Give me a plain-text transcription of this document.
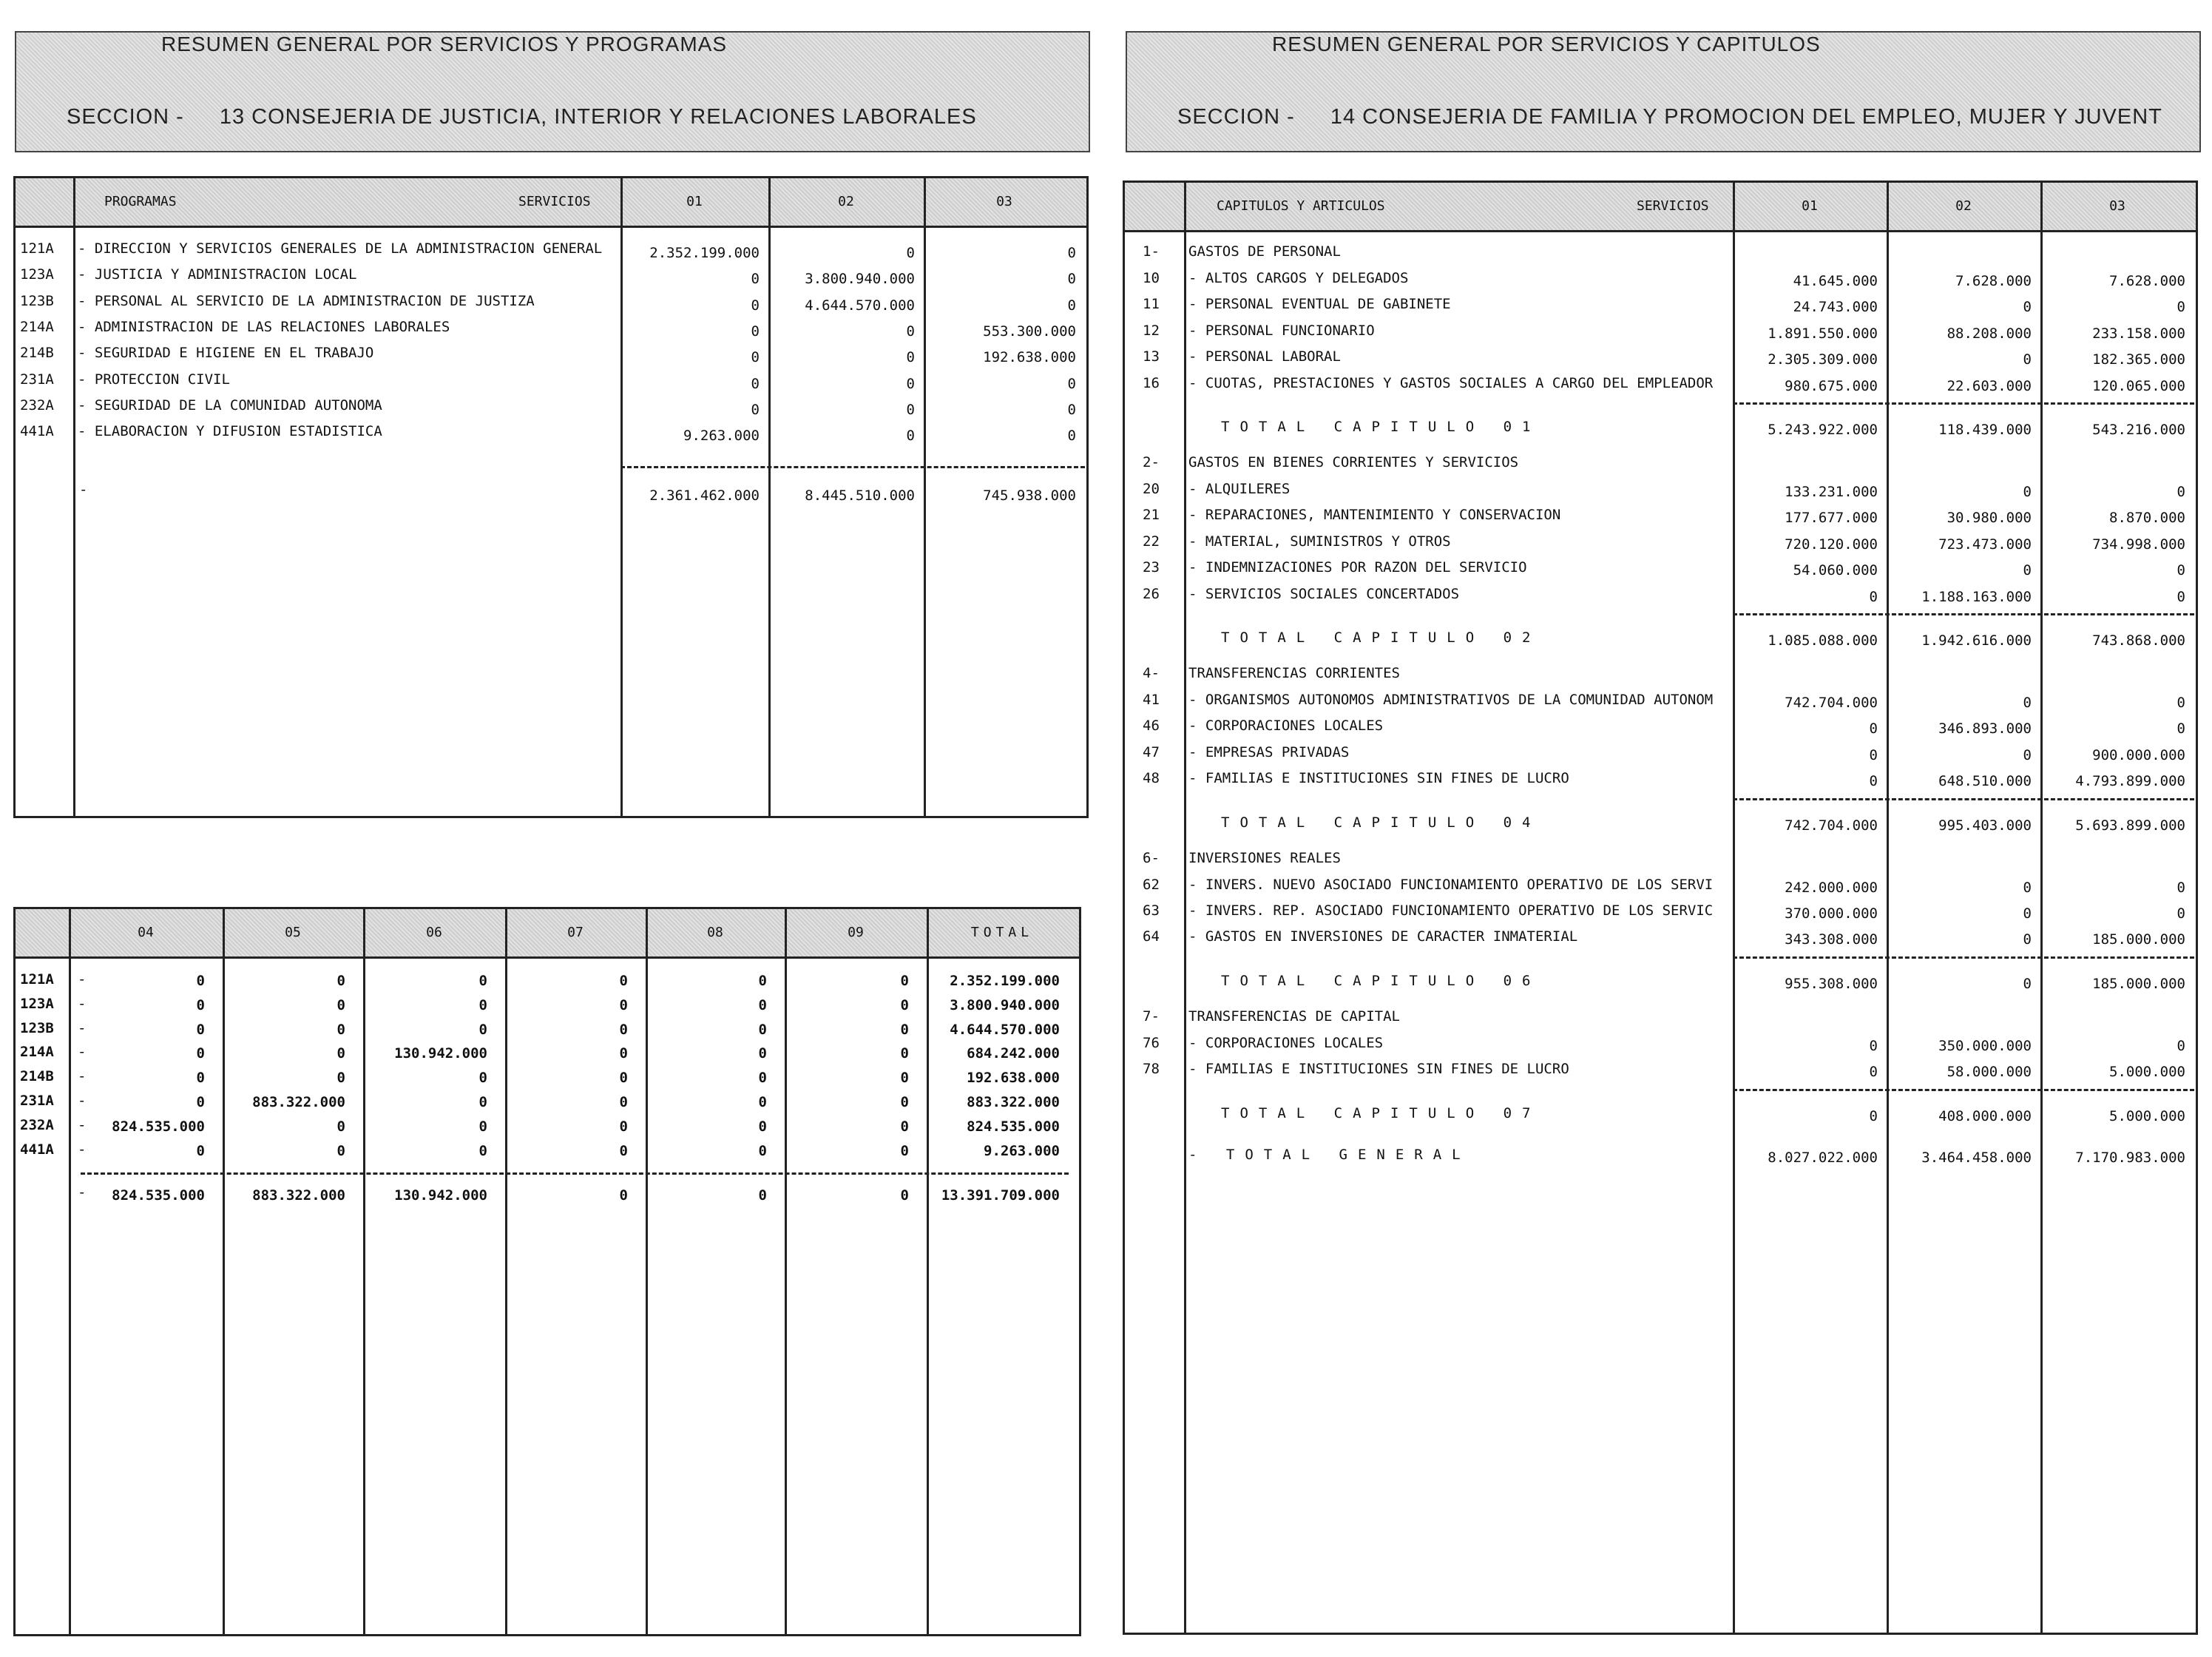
RESUMEN GENERAL POR SERVICIOS Y PROGRAMAS
SECCION - 13 CONSEJERIA DE JUSTICIA, INTERIOR Y RELACIONES LABORALES
RESUMEN GENERAL POR SERVICIOS Y CAPITULOS
SECCION - 14 CONSEJERIA DE FAMILIA Y PROMOCION DEL EMPLEO, MUJER Y JUVENT
PROGRAMAS	SERVICIOS	01	02	03
121A - DIRECCION Y SERVICIOS GENERALES DE LA ADMINISTRACION GENERAL	2.352.199.000	0	0
123A - JUSTICIA Y ADMINISTRACION LOCAL	0	3.800.940.000	0
123B - PERSONAL AL SERVICIO DE LA ADMINISTRACION DE JUSTIZA	0	4.644.570.000	0
214A - ADMINISTRACION DE LAS RELACIONES LABORALES	0	0	553.300.000
214B - SEGURIDAD E HIGIENE EN EL TRABAJO	0	0	192.638.000
231A - PROTECCION CIVIL	0	0	0
232A - SEGURIDAD DE LA COMUNIDAD AUTONOMA	0	0	0
441A - ELABORACION Y DIFUSION ESTADISTICA	9.263.000	0	0
-	2.361.462.000	8.445.510.000	745.938.000
04	05	06	07	08	09	TOTAL
121A -	0	0	0	0	0	0	2.352.199.000
123A -	0	0	0	0	0	0	3.800.940.000
123B -	0	0	0	0	0	0	4.644.570.000
214A -	0	0	130.942.000	0	0	0	684.242.000
214B -	0	0	0	0	0	0	192.638.000
231A -	0	883.322.000	0	0	0	0	883.322.000
232A -	824.535.000	0	0	0	0	0	824.535.000
441A -	0	0	0	0	0	0	9.263.000
-	824.535.000	883.322.000	130.942.000	0	0	0	13.391.709.000
CAPITULOS Y ARTICULOS	SERVICIOS	01	02	03
1- GASTOS DE PERSONAL
10 - ALTOS CARGOS Y DELEGADOS	41.645.000	7.628.000	7.628.000
11 - PERSONAL EVENTUAL DE GABINETE	24.743.000	0	0
12 - PERSONAL FUNCIONARIO	1.891.550.000	88.208.000	233.158.000
13 - PERSONAL LABORAL	2.305.309.000	0	182.365.000
16 - CUOTAS, PRESTACIONES Y GASTOS SOCIALES A CARGO DEL EMPLEADOR	980.675.000	22.603.000	120.065.000
TOTAL CAPITULO 01	5.243.922.000	118.439.000	543.216.000
2- GASTOS EN BIENES CORRIENTES Y SERVICIOS
20 - ALQUILERES	133.231.000	0	0
21 - REPARACIONES, MANTENIMIENTO Y CONSERVACION	177.677.000	30.980.000	8.870.000
22 - MATERIAL, SUMINISTROS Y OTROS	720.120.000	723.473.000	734.998.000
23 - INDEMNIZACIONES POR RAZON DEL SERVICIO	54.060.000	0	0
26 - SERVICIOS SOCIALES CONCERTADOS	0	1.188.163.000	0
TOTAL CAPITULO 02	1.085.088.000	1.942.616.000	743.868.000
4- TRANSFERENCIAS CORRIENTES
41 - ORGANISMOS AUTONOMOS ADMINISTRATIVOS DE LA COMUNIDAD AUTONOM	742.704.000	0	0
46 - CORPORACIONES LOCALES	0	346.893.000	0
47 - EMPRESAS PRIVADAS	0	0	900.000.000
48 - FAMILIAS E INSTITUCIONES SIN FINES DE LUCRO	0	648.510.000	4.793.899.000
TOTAL CAPITULO 04	742.704.000	995.403.000	5.693.899.000
6- INVERSIONES REALES
62 - INVERS. NUEVO ASOCIADO FUNCIONAMIENTO OPERATIVO DE LOS SERVI	242.000.000	0	0
63 - INVERS. REP. ASOCIADO FUNCIONAMIENTO OPERATIVO DE LOS SERVIC	370.000.000	0	0
64 - GASTOS EN INVERSIONES DE CARACTER INMATERIAL	343.308.000	0	185.000.000
TOTAL CAPITULO 06	955.308.000	0	185.000.000
7- TRANSFERENCIAS DE CAPITAL
76 - CORPORACIONES LOCALES	0	350.000.000	0
78 - FAMILIAS E INSTITUCIONES SIN FINES DE LUCRO	0	58.000.000	5.000.000
TOTAL CAPITULO 07	0	408.000.000	5.000.000
- TOTAL GENERAL	8.027.022.000	3.464.458.000	7.170.983.000
